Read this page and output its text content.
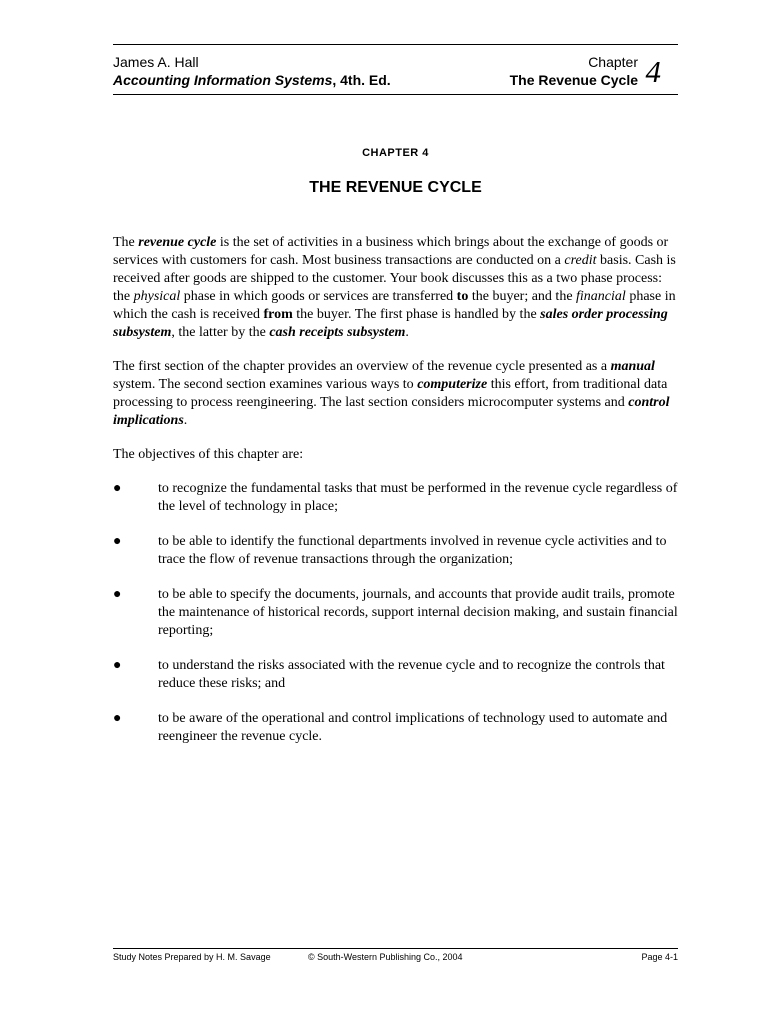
James A. Hall
Accounting Information Systems, 4th. Ed.
Chapter
The Revenue Cycle 4
CHAPTER 4
THE REVENUE CYCLE

The revenue cycle is the set of activities in a business which brings about the exchange of goods or services with customers for cash. Most business transactions are conducted on a credit basis. Cash is received after goods are shipped to the customer. Your book discusses this as a two phase process: the physical phase in which goods or services are transferred to the buyer; and the financial phase in which the cash is received from the buyer. The first phase is handled by the sales order processing subsystem, the latter by the cash receipts subsystem.

The first section of the chapter provides an overview of the revenue cycle presented as a manual system. The second section examines various ways to computerize this effort, from traditional data processing to process reengineering. The last section considers microcomputer systems and control implications.

The objectives of this chapter are:

●	to recognize the fundamental tasks that must be performed in the revenue cycle regardless of the level of technology in place;
●	to be able to identify the functional departments involved in revenue cycle activities and to trace the flow of revenue transactions through the organization;
●	to be able to specify the documents, journals, and accounts that provide audit trails, promote the maintenance of historical records, support internal decision making, and sustain financial reporting;
●	to understand the risks associated with the revenue cycle and to recognize the controls that reduce these risks; and
●	to be aware of the operational and control implications of technology used to automate and reengineer the revenue cycle.
Study Notes Prepared by H. M. Savage	© South-Western Publishing Co., 2004	Page 4-1
